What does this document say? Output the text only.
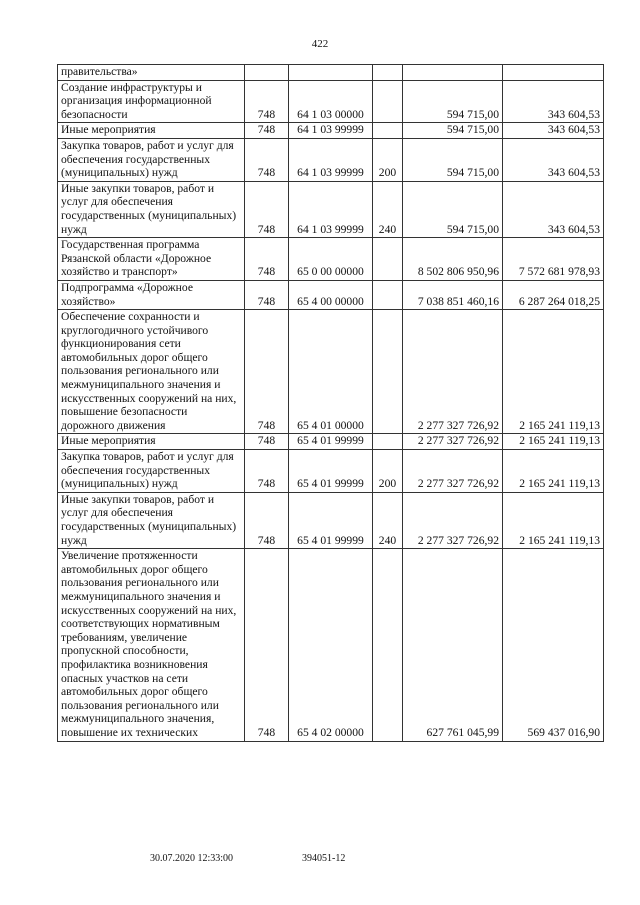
422
правительства»					
Создание инфраструктуры и организация информационной безопасности	748	64 1 03 00000		594 715,00	343 604,53
Иные мероприятия	748	64 1 03 99999		594 715,00	343 604,53
Закупка товаров, работ и услуг для обеспечения государственных (муниципальных) нужд	748	64 1 03 99999	200	594 715,00	343 604,53
Иные закупки товаров, работ и услуг для обеспечения государственных (муниципальных) нужд	748	64 1 03 99999	240	594 715,00	343 604,53
Государственная программа Рязанской области «Дорожное хозяйство и транспорт»	748	65 0 00 00000		8 502 806 950,96	7 572 681 978,93
Подпрограмма «Дорожное хозяйство»	748	65 4 00 00000		7 038 851 460,16	6 287 264 018,25
Обеспечение сохранности и круглогодичного устойчивого функционирования сети автомобильных дорог общего пользования регионального или межмуниципального значения и искусственных сооружений на них, повышение безопасности дорожного движения	748	65 4 01 00000		2 277 327 726,92	2 165 241 119,13
Иные мероприятия	748	65 4 01 99999		2 277 327 726,92	2 165 241 119,13
Закупка товаров, работ и услуг для обеспечения государственных (муниципальных) нужд	748	65 4 01 99999	200	2 277 327 726,92	2 165 241 119,13
Иные закупки товаров, работ и услуг для обеспечения государственных (муниципальных) нужд	748	65 4 01 99999	240	2 277 327 726,92	2 165 241 119,13
Увеличение протяженности автомобильных дорог общего пользования регионального или межмуниципального значения и искусственных сооружений на них, соответствующих нормативным требованиям, увеличение пропускной способности, профилактика возникновения опасных участков на сети автомобильных дорог общего пользования регионального или межмуниципального значения, повышение их технических	748	65 4 02 00000		627 761 045,99	569 437 016,90
30.07.2020 12:33:00	394051-12
